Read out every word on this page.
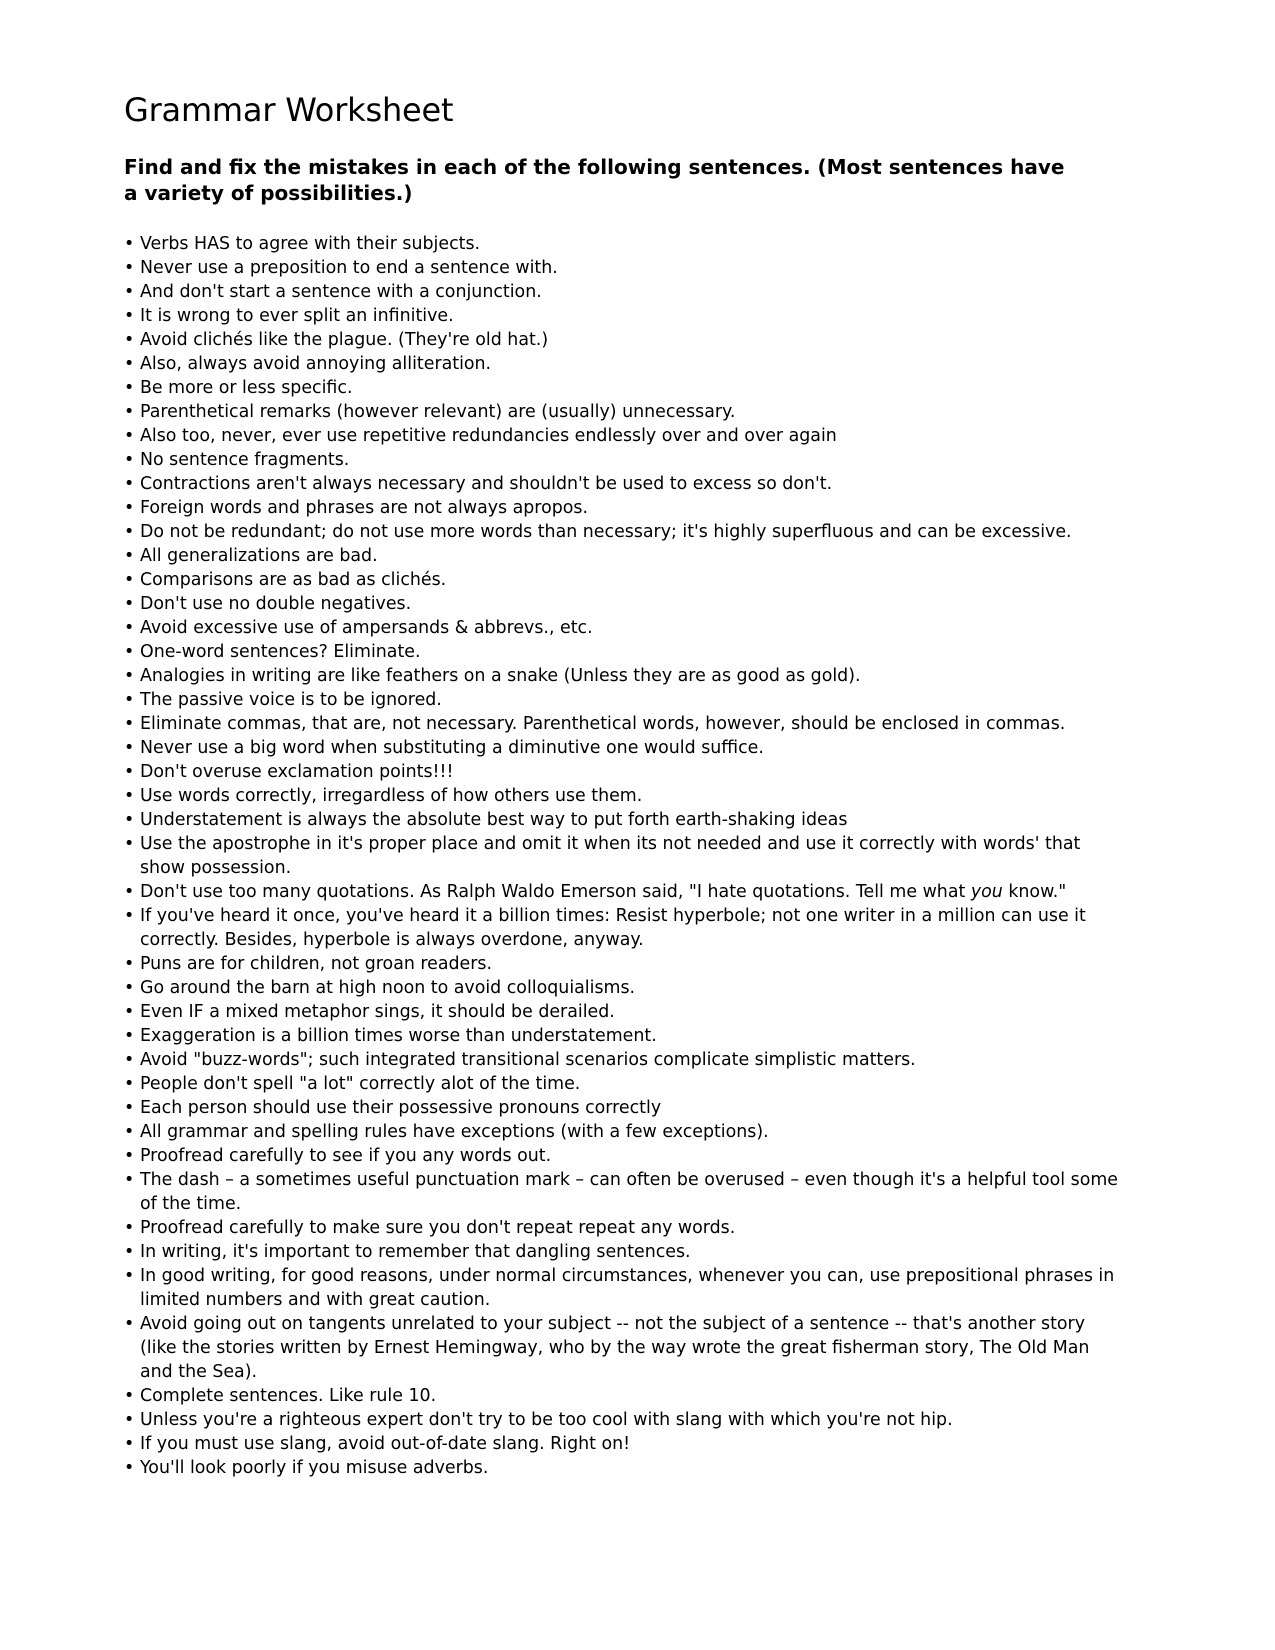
Grammar Worksheet

Find and fix the mistakes in each of the following sentences. (Most sentences have a variety of possibilities.)

• Verbs HAS to agree with their subjects.
• Never use a preposition to end a sentence with.
• And don't start a sentence with a conjunction.
• It is wrong to ever split an infinitive.
• Avoid clichés like the plague. (They're old hat.)
• Also, always avoid annoying alliteration.
• Be more or less specific.
• Parenthetical remarks (however relevant) are (usually) unnecessary.
• Also too, never, ever use repetitive redundancies endlessly over and over again
• No sentence fragments.
• Contractions aren't always necessary and shouldn't be used to excess so don't.
• Foreign words and phrases are not always apropos.
• Do not be redundant; do not use more words than necessary; it's highly superfluous and can be excessive.
• All generalizations are bad.
• Comparisons are as bad as clichés.
• Don't use no double negatives.
• Avoid excessive use of ampersands & abbrevs., etc.
• One-word sentences? Eliminate.
• Analogies in writing are like feathers on a snake (Unless they are as good as gold).
• The passive voice is to be ignored.
• Eliminate commas, that are, not necessary. Parenthetical words, however, should be enclosed in commas.
• Never use a big word when substituting a diminutive one would suffice.
• Don't overuse exclamation points!!!
• Use words correctly, irregardless of how others use them.
• Understatement is always the absolute best way to put forth earth-shaking ideas
• Use the apostrophe in it's proper place and omit it when its not needed and use it correctly with words' that show possession.
• Don't use too many quotations. As Ralph Waldo Emerson said, "I hate quotations. Tell me what you know."
• If you've heard it once, you've heard it a billion times: Resist hyperbole; not one writer in a million can use it correctly. Besides, hyperbole is always overdone, anyway.
• Puns are for children, not groan readers.
• Go around the barn at high noon to avoid colloquialisms.
• Even IF a mixed metaphor sings, it should be derailed.
• Exaggeration is a billion times worse than understatement.
• Avoid "buzz-words"; such integrated transitional scenarios complicate simplistic matters.
• People don't spell "a lot" correctly alot of the time.
• Each person should use their possessive pronouns correctly
• All grammar and spelling rules have exceptions (with a few exceptions).
• Proofread carefully to see if you any words out.
• The dash – a sometimes useful punctuation mark – can often be overused – even though it's a helpful tool some of the time.
• Proofread carefully to make sure you don't repeat repeat any words.
• In writing, it's important to remember that dangling sentences.
• In good writing, for good reasons, under normal circumstances, whenever you can, use prepositional phrases in limited numbers and with great caution.
• Avoid going out on tangents unrelated to your subject -- not the subject of a sentence -- that's another story (like the stories written by Ernest Hemingway, who by the way wrote the great fisherman story, The Old Man and the Sea).
• Complete sentences. Like rule 10.
• Unless you're a righteous expert don't try to be too cool with slang with which you're not hip.
• If you must use slang, avoid out-of-date slang. Right on!
• You'll look poorly if you misuse adverbs.
